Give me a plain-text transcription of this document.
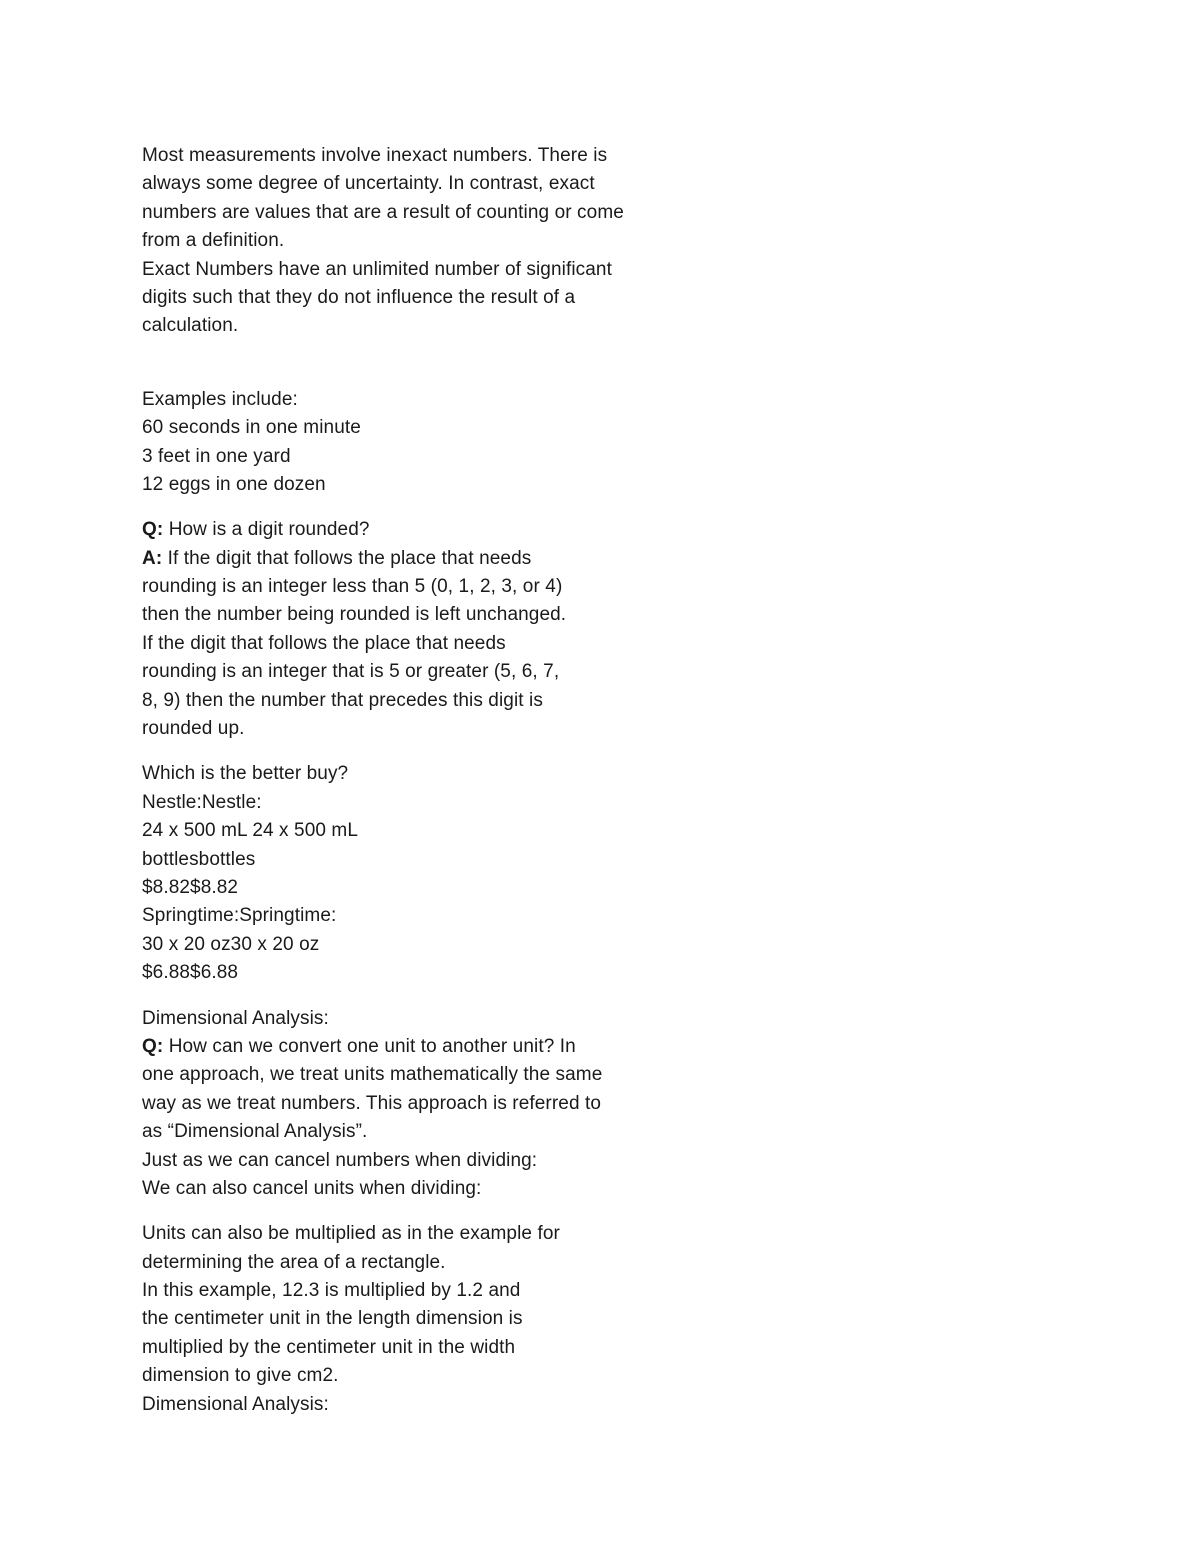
Most measurements involve inexact numbers. There is
always some degree of uncertainty. In contrast, exact
numbers are values that are a result of counting or come
from a definition.
Exact Numbers have an unlimited number of significant
digits such that they do not influence the result of a
calculation.
Examples include:
60 seconds in one minute
3 feet in one yard
12 eggs in one dozen
Q: How is a digit rounded?
A: If the digit that follows the place that needs
rounding is an integer less than 5 (0, 1, 2, 3, or 4)
then the number being rounded is left unchanged.
If the digit that follows the place that needs
rounding is an integer that is 5 or greater (5, 6, 7,
8, 9) then the number that precedes this digit is
rounded up.
Which is the better buy?
Nestle:Nestle:
24 x 500 mL 24 x 500 mL
bottlesbottles
$8.82$8.82
Springtime:Springtime:
30 x 20 oz30 x 20 oz
$6.88$6.88
Dimensional Analysis:
Q: How can we convert one unit to another unit? In
one approach, we treat units mathematically the same
way as we treat numbers. This approach is referred to
as “Dimensional Analysis”.
Just as we can cancel numbers when dividing:
We can also cancel units when dividing:
Units can also be multiplied as in the example for
determining the area of a rectangle.
In this example, 12.3 is multiplied by 1.2 and
the centimeter unit in the length dimension is
multiplied by the centimeter unit in the width
dimension to give cm2.
Dimensional Analysis:
